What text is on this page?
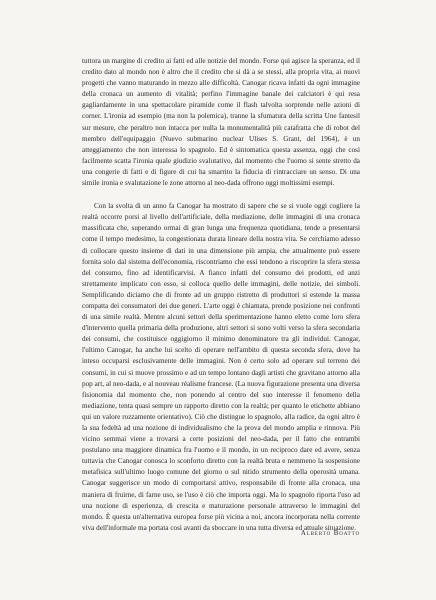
tuttora un margine di credito ai fatti ed alle notizie del mondo. Forse qui agisce la speranza, ed il credito dato al mondo non è altro che il credito che si dà a se stessi, alla propria vita, ai nuovi progetti che vanno maturando in mezzo alle difficoltà. Canogar ricava infatti da ogni immagine della cronaca un aumento di vitalità; perfino l'immagine banale dei calciatori è qui resa gagliardamente in una spettacolare piramide come il flash talvolta sorprende nelle azioni di corner. L'ironia ad esempio (ma non la polemica), tranne la sfumatura della scritta Une fantesil sur mesure, che peraltro non intacca per nulla la monumentalità più catafratta che di robot del membro dell'equipaggio (Nuevo submarino nuclear Ulises S. Grant, del 1964), è un atteggiamento che non interessa lo spagnolo. Ed è sintomatica questa assenza, oggi che così facilmente scatta l'ironia quale giudizio svalutativo, dal momento che l'uomo si sente stretto da una congerie di fatti e di figure di cui ha smarrito la fiducia di rintracciare un senso. Di una simile ironia e svalutazione le zone attorno al neo-dada offrono oggi moltissimi esempi.

Con la svolta di un anno fa Canogar ha mostrato di sapere che se si vuole oggi cogliere la realtà occorre porsi al livello dell'artificiale, della mediazione, delle immagini di una cronaca massificata che, superando ormai di gran lunga una frequenza quotidiana, tende a presentarsi come il tempo medesimo, la congestionata durata lineare della nostra vita. Se cerchiamo adesso di collocare questo insieme di dati in una dimensione più ampia, che attualmente può essere fornita solo dal sistema dell'economia, riscontriamo che essi tendono a riscoprire la sfera stessa del consumo, fino ad identificarvisi. A fianco infatti del consumo dei prodotti, ed anzi strettamente implicato con esso, si colloca quello delle immagini, delle notizie, dei simboli. Semplificando diciamo che di fronte ad un gruppo ristretto di produttori si estende la massa compatta dei consumatori dei due generi. L'arte oggi è chiamata, prende posizione nei confronti di una simile realtà. Mentre alcuni settori della sperimentazione hanno eletto come loro sfera d'intervento quella primaria della produzione, altri settori si sono volti verso la sfera secondaria dei consumi, che costituisce oggigiorno il minimo denominatore tra gli individui. Canogar, l'ultimo Canogar, ha anche lui scelto di operare nell'ambito di questa seconda sfera, dove ha inteso occuparsi esclusivamente delle immagini. Non è certo solo ad operare sul terreno dei consumi, in cui si muove prossimo e ad un tempo lontano dagli artisti che gravitano attorno alla pop art, al neo-dada, e al nouveau réalisme francese. (La nuova figurazione presenta una diversa fisionomia dal momento che, non ponendo al centro del suo interesse il fenomeno della mediazione, tenta quasi sempre un rapporto diretto con la realtà; per quanto le etichette abbiano qui un valore rozzamente orientativo). Ciò che distingue lo spagnolo, alla radice, da ogni altro è la sua fedeltà ad una nozione di individualismo che la prova del mondo amplia e rinnova. Più vicino semmai viene a trovarsi a certe posizioni del neo-dada, per il fatto che entrambi postulano una maggiore dinamica fra l'uomo e il mondo, in un reciproco dare ed avere, senza tuttavia che Canogar conosca lo sconforto diretto con la realtà bruta e nemmeno la sospensione metafisica sull'ultimo luogo comune del giorno o sul nitido strumento della operosità umana. Canogar suggerisce un modo di comportarsi attivo, responsabile di fronte alla cronaca, una maniera di fruirne, di farne uso, se l'uso è ciò che importa oggi. Ma lo spagnolo riporta l'uso ad una nozione di esperienza, di crescita e maturazione personale attraverso le immagini del mondo. È questa un'alternativa europea forse più vicina a noi, ancora incorporata nella corrente viva dell'informale ma portata così avanti da sboccare in una tutta diversa ed attuale situazione.

Alberto Boatto
